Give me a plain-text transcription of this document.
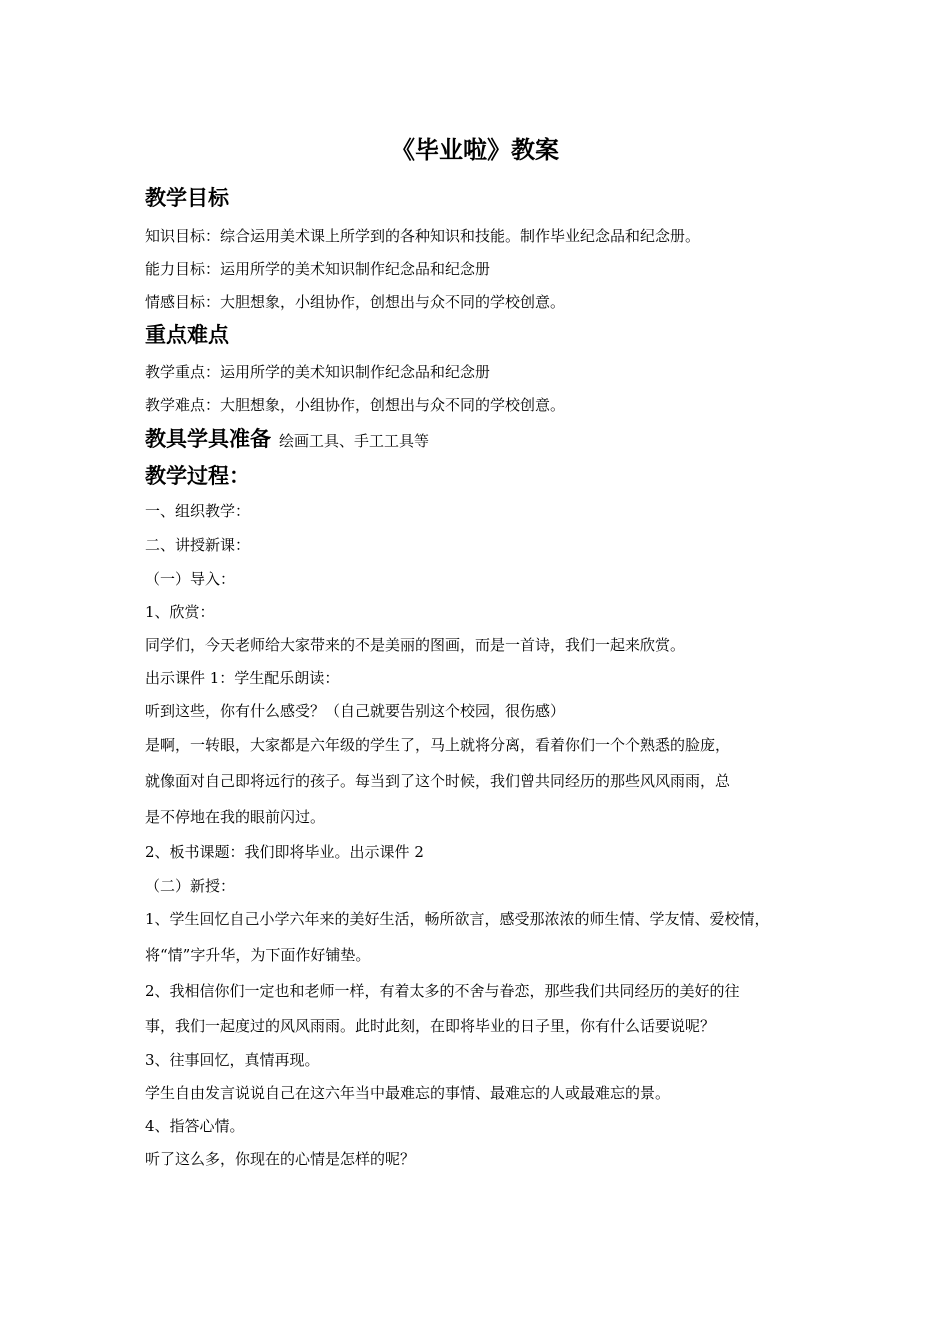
《毕业啦》教案
教学目标
知识目标：综合运用美术课上所学到的各种知识和技能。制作毕业纪念品和纪念册。
能力目标：运用所学的美术知识制作纪念品和纪念册
情感目标：大胆想象，小组协作，创想出与众不同的学校创意。
重点难点
教学重点：运用所学的美术知识制作纪念品和纪念册
教学难点：大胆想象，小组协作，创想出与众不同的学校创意。
教具学具准备 绘画工具、手工工具等
教学过程：
一、组织教学：
二、讲授新课：
（一）导入：
1、欣赏：
同学们，今天老师给大家带来的不是美丽的图画，而是一首诗，我们一起来欣赏。
出示课件 1：学生配乐朗读：
听到这些，你有什么感受？（自己就要告别这个校园，很伤感）
是啊，一转眼，大家都是六年级的学生了，马上就将分离，看着你们一个个熟悉的脸庞，
就像面对自己即将远行的孩子。每当到了这个时候，我们曾共同经历的那些风风雨雨，总
是不停地在我的眼前闪过。
2、板书课题：我们即将毕业。出示课件 2
（二）新授：
1、学生回忆自己小学六年来的美好生活，畅所欲言，感受那浓浓的师生情、学友情、爱校情，
将“情”字升华，为下面作好铺垫。
2、我相信你们一定也和老师一样，有着太多的不舍与眷恋，那些我们共同经历的美好的往
事，我们一起度过的风风雨雨。此时此刻，在即将毕业的日子里，你有什么话要说呢？
3、往事回忆，真情再现。
学生自由发言说说自己在这六年当中最难忘的事情、最难忘的人或最难忘的景。
4、指答心情。
听了这么多，你现在的心情是怎样的呢？
